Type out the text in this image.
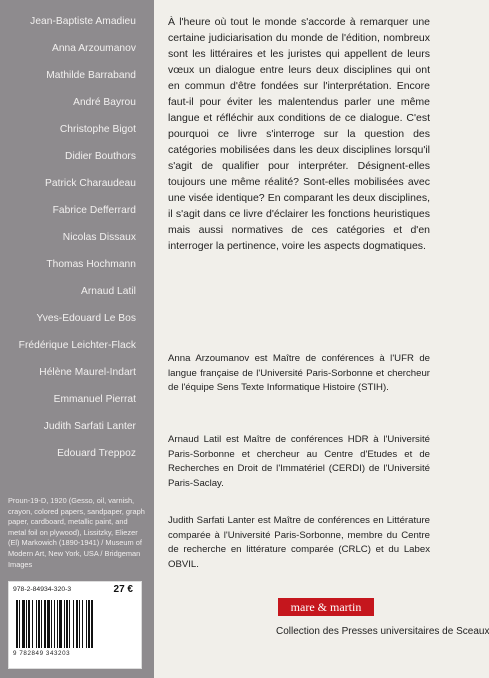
Jean-Baptiste Amadieu
Anna Arzoumanov
Mathilde Barraband
André Bayrou
Christophe Bigot
Didier Bouthors
Patrick Charaudeau
Fabrice Defferrard
Nicolas Dissaux
Thomas Hochmann
Arnaud Latil
Yves-Edouard Le Bos
Frédérique Leichter-Flack
Hélène Maurel-Indart
Emmanuel Pierrat
Judith Sarfati Lanter
Edouard Treppoz
Proun-19-D, 1920 (Gesso, oil, varnish, crayon, colored papers, sandpaper, graph paper, cardboard, metallic paint, and metal foil on plywood), Lissitzky, Eliezer (El) Markowich (1890-1941) / Museum of Modern Art, New York, USA / Bridgeman Images
978-2-84934-320-3	27 €
9 782849 343203
À l'heure où tout le monde s'accorde à remarquer une certaine judiciarisation du monde de l'édition, nombreux sont les littéraires et les juristes qui appellent de leurs vœux un dialogue entre leurs deux disciplines qui ont en commun d'être fondées sur l'interprétation. Encore faut-il pour éviter les malentendus parler une même langue et réfléchir aux conditions de ce dialogue. C'est pourquoi ce livre s'interroge sur la question des catégories mobilisées dans les deux disciplines lorsqu'il s'agit de qualifier pour interpréter. Désignent-elles toujours une même réalité? Sont-elles mobilisées avec une visée identique? En comparant les deux disciplines, il s'agit dans ce livre d'éclairer les fonctions heuristiques mais aussi normatives de ces catégories et d'en interroger la pertinence, voire les aspects dogmatiques.
Anna Arzoumanov est Maître de conférences à l'UFR de langue française de l'Université Paris-Sorbonne et chercheur de l'équipe Sens Texte Informatique Histoire (STIH).
Arnaud Latil est Maître de conférences HDR à l'Université Paris-Sorbonne et chercheur au Centre d'Etudes et de Recherches en Droit de l'Immatériel (CERDI) de l'Université Paris-Saclay.
Judith Sarfati Lanter est Maître de conférences en Littérature comparée à l'Université Paris-Sorbonne, membre du Centre de recherche en littérature comparée (CRLC) et du Labex OBVIL.
mare & martin
Collection des Presses universitaires de Sceaux
